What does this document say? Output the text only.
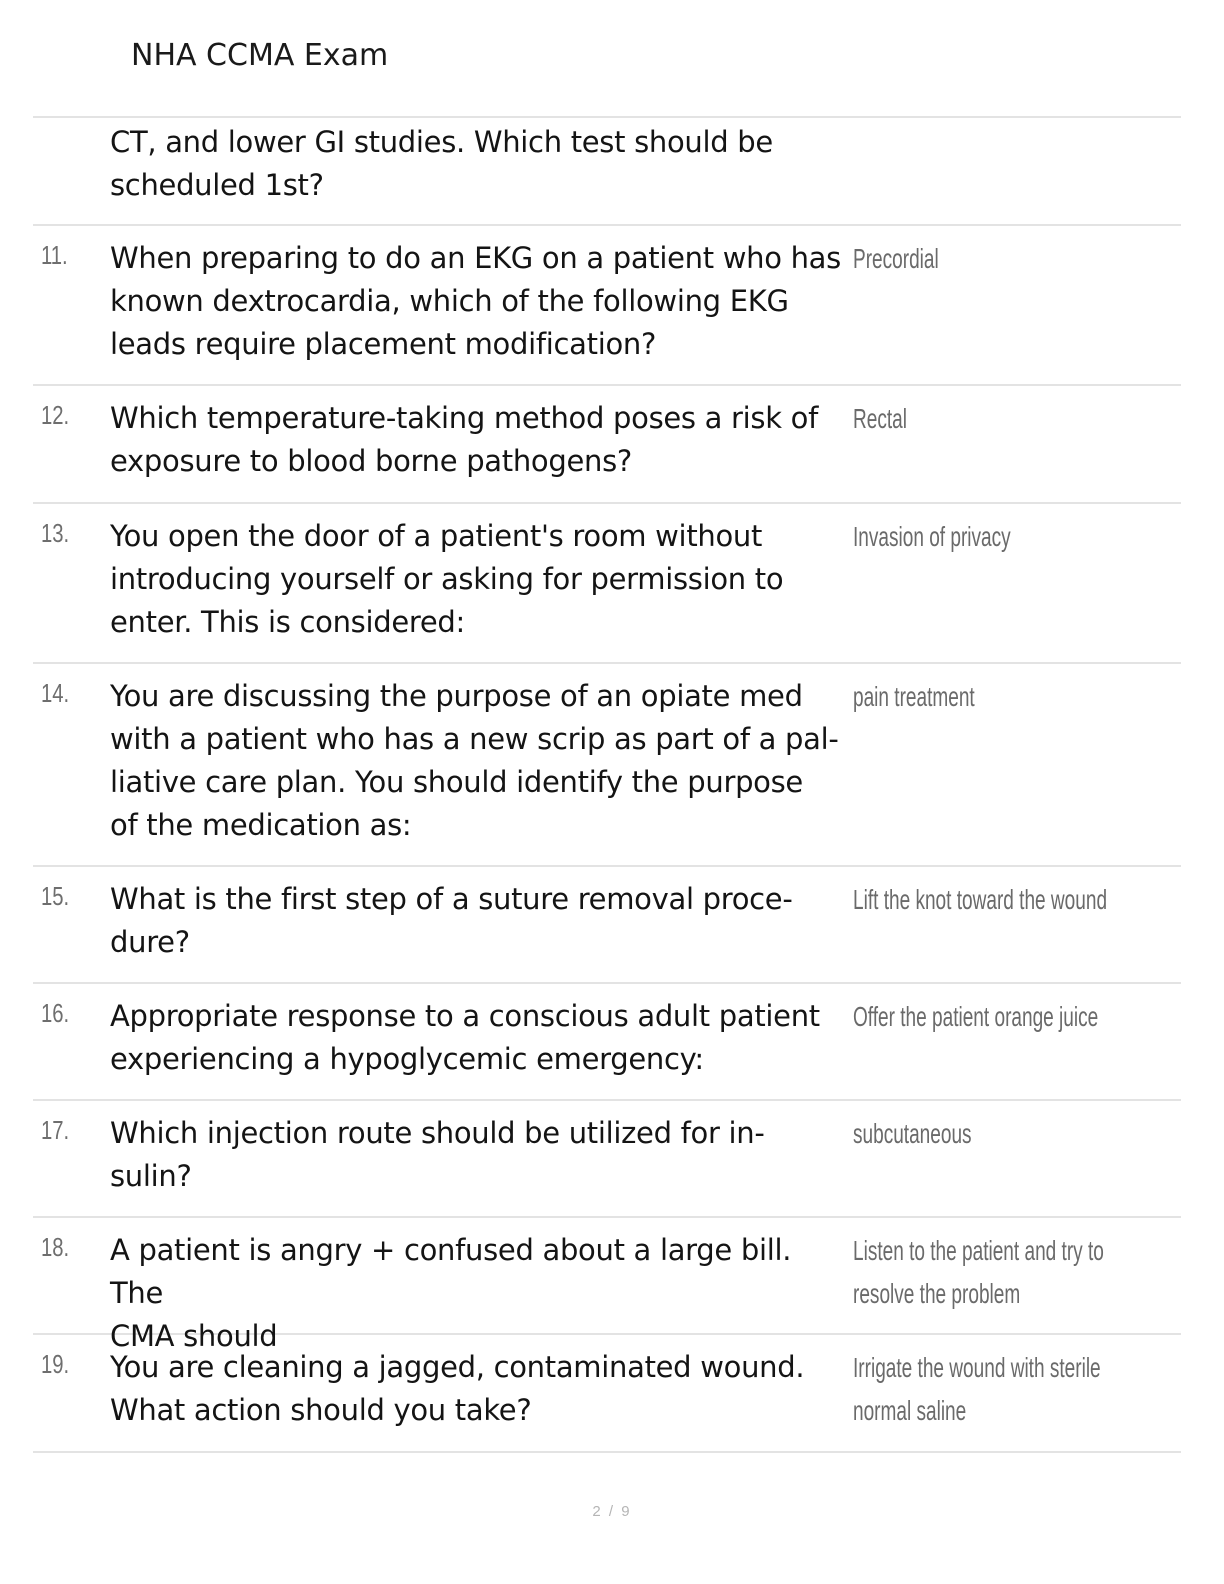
NHA CCMA Exam
CT, and lower GI studies. Which test should be
scheduled 1st?
11. When preparing to do an EKG on a patient who has
known dextrocardia, which of the following EKG
leads require placement modification?
Precordial
12. Which temperature-taking method poses a risk of
exposure to blood borne pathogens?
Rectal
13. You open the door of a patient's room without
introducing yourself or asking for permission to
enter. This is considered:
Invasion of privacy
14. You are discussing the purpose of an opiate med
with a patient who has a new scrip as part of a pal-
liative care plan. You should identify the purpose
of the medication as:
pain treatment
15. What is the first step of a suture removal proce-
dure?
Lift the knot toward the wound
16. Appropriate response to a conscious adult patient
experiencing a hypoglycemic emergency:
Offer the patient orange juice
17. Which injection route should be utilized for in-
sulin?
subcutaneous
18. A patient is angry + confused about a large bill. The
CMA should
Listen to the patient and try to
resolve the problem
19. You are cleaning a jagged, contaminated wound.
What action should you take?
Irrigate the wound with sterile
normal saline
2 / 9
